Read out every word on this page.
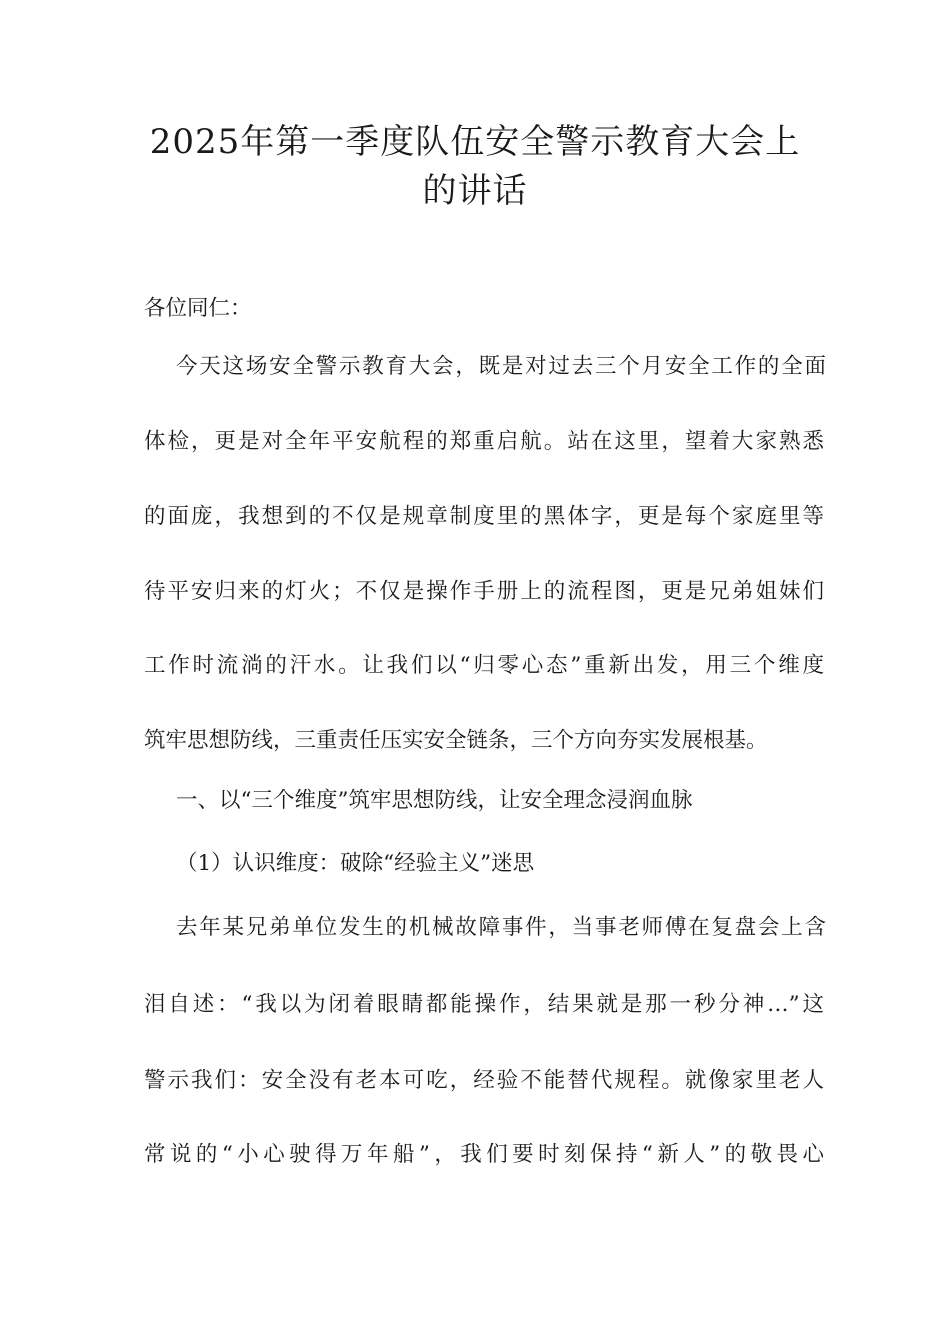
2025年第一季度队伍安全警示教育大会上
的讲话
各位同仁：
今天这场安全警示教育大会，既是对过去三个月安全工作的全面
体检，更是对全年平安航程的郑重启航。站在这里，望着大家熟悉
的面庞，我想到的不仅是规章制度里的黑体字，更是每个家庭里等
待平安归来的灯火；不仅是操作手册上的流程图，更是兄弟姐妹们
工作时流淌的汗水。让我们以“归零心态”重新出发，用三个维度
筑牢思想防线，三重责任压实安全链条，三个方向夯实发展根基。
一、以“三个维度”筑牢思想防线，让安全理念浸润血脉
（1）认识维度：破除“经验主义”迷思
去年某兄弟单位发生的机械故障事件，当事老师傅在复盘会上含
泪自述：“我以为闭着眼睛都能操作，结果就是那一秒分神…”这
警示我们：安全没有老本可吃，经验不能替代规程。就像家里老人
常说的“小心驶得万年船”，我们要时刻保持“新人”的敬畏心
